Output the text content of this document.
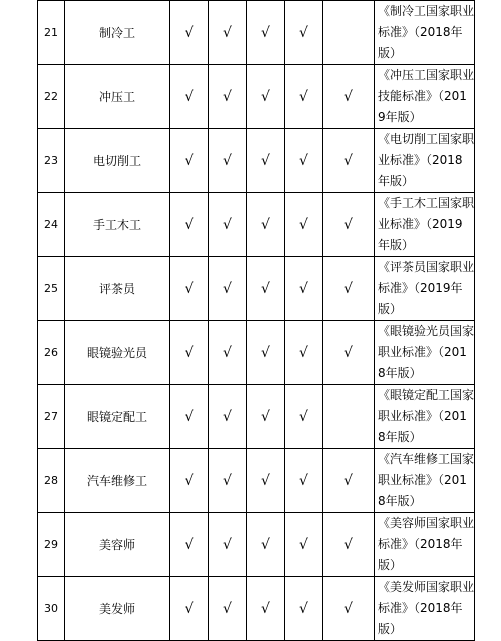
21	制冷工	√	√	√	√		《制冷工国家职业标准》（2018年版）
22	冲压工	√	√	√	√	√	《冲压工国家职业技能标准》（2019年版）
23	电切削工	√	√	√	√	√	《电切削工国家职业标准》（2018年版）
24	手工木工	√	√	√	√	√	《手工木工国家职业标准》（2019年版）
25	评茶员	√	√	√	√	√	《评茶员国家职业标准》（2019年版）
26	眼镜验光员	√	√	√	√	√	《眼镜验光员国家职业标准》（2018年版）
27	眼镜定配工	√	√	√	√		《眼镜定配工国家职业标准》（2018年版）
28	汽车维修工	√	√	√	√	√	《汽车维修工国家职业标准》（2018年版）
29	美容师	√	√	√	√	√	《美容师国家职业标准》（2018年版）
30	美发师	√	√	√	√	√	《美发师国家职业标准》（2018年版）
